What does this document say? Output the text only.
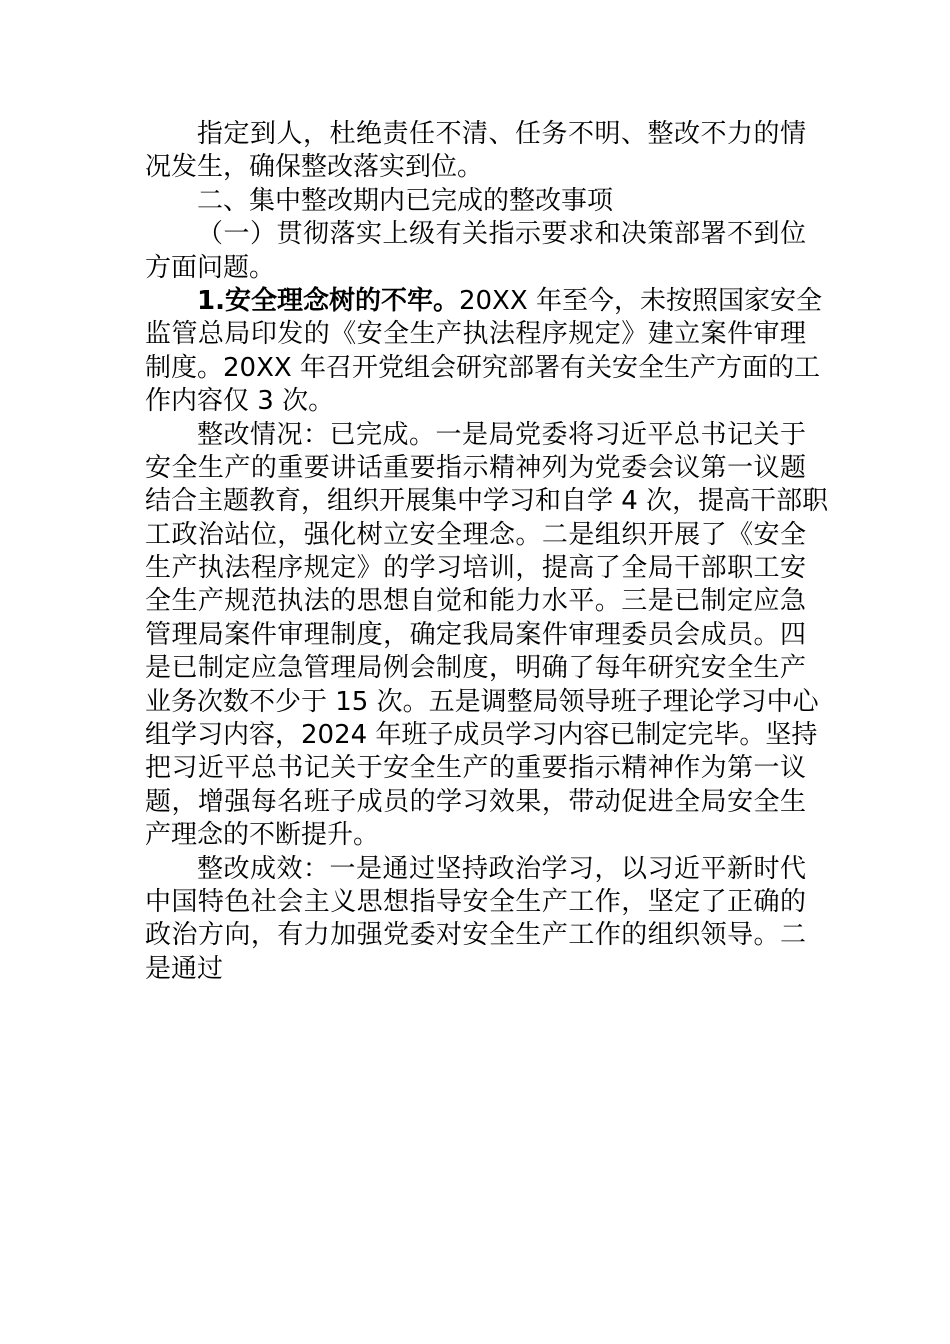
指定到人，杜绝责任不清、任务不明、整改不力的情
况发生，确保整改落实到位。
二、集中整改期内已完成的整改事项
（一）贯彻落实上级有关指示要求和决策部署不到位
方面问题。
1.安全理念树的不牢。20XX 年至今，未按照国家安全
监管总局印发的《安全生产执法程序规定》建立案件审理
制度。20XX 年召开党组会研究部署有关安全生产方面的工
作内容仅 3 次。
整改情况：已完成。一是局党委将习近平总书记关于
安全生产的重要讲话重要指示精神列为党委会议第一议题
结合主题教育，组织开展集中学习和自学 4 次，提高干部职
工政治站位，强化树立安全理念。二是组织开展了《安全
生产执法程序规定》的学习培训，提高了全局干部职工安
全生产规范执法的思想自觉和能力水平。三是已制定应急
管理局案件审理制度，确定我局案件审理委员会成员。四
是已制定应急管理局例会制度，明确了每年研究安全生产
业务次数不少于 15 次。五是调整局领导班子理论学习中心
组学习内容，2024 年班子成员学习内容已制定完毕。坚持
把习近平总书记关于安全生产的重要指示精神作为第一议
题，增强每名班子成员的学习效果，带动促进全局安全生
产理念的不断提升。
整改成效：一是通过坚持政治学习，以习近平新时代
中国特色社会主义思想指导安全生产工作，坚定了正确的
政治方向，有力加强党委对安全生产工作的组织领导。二
是通过
